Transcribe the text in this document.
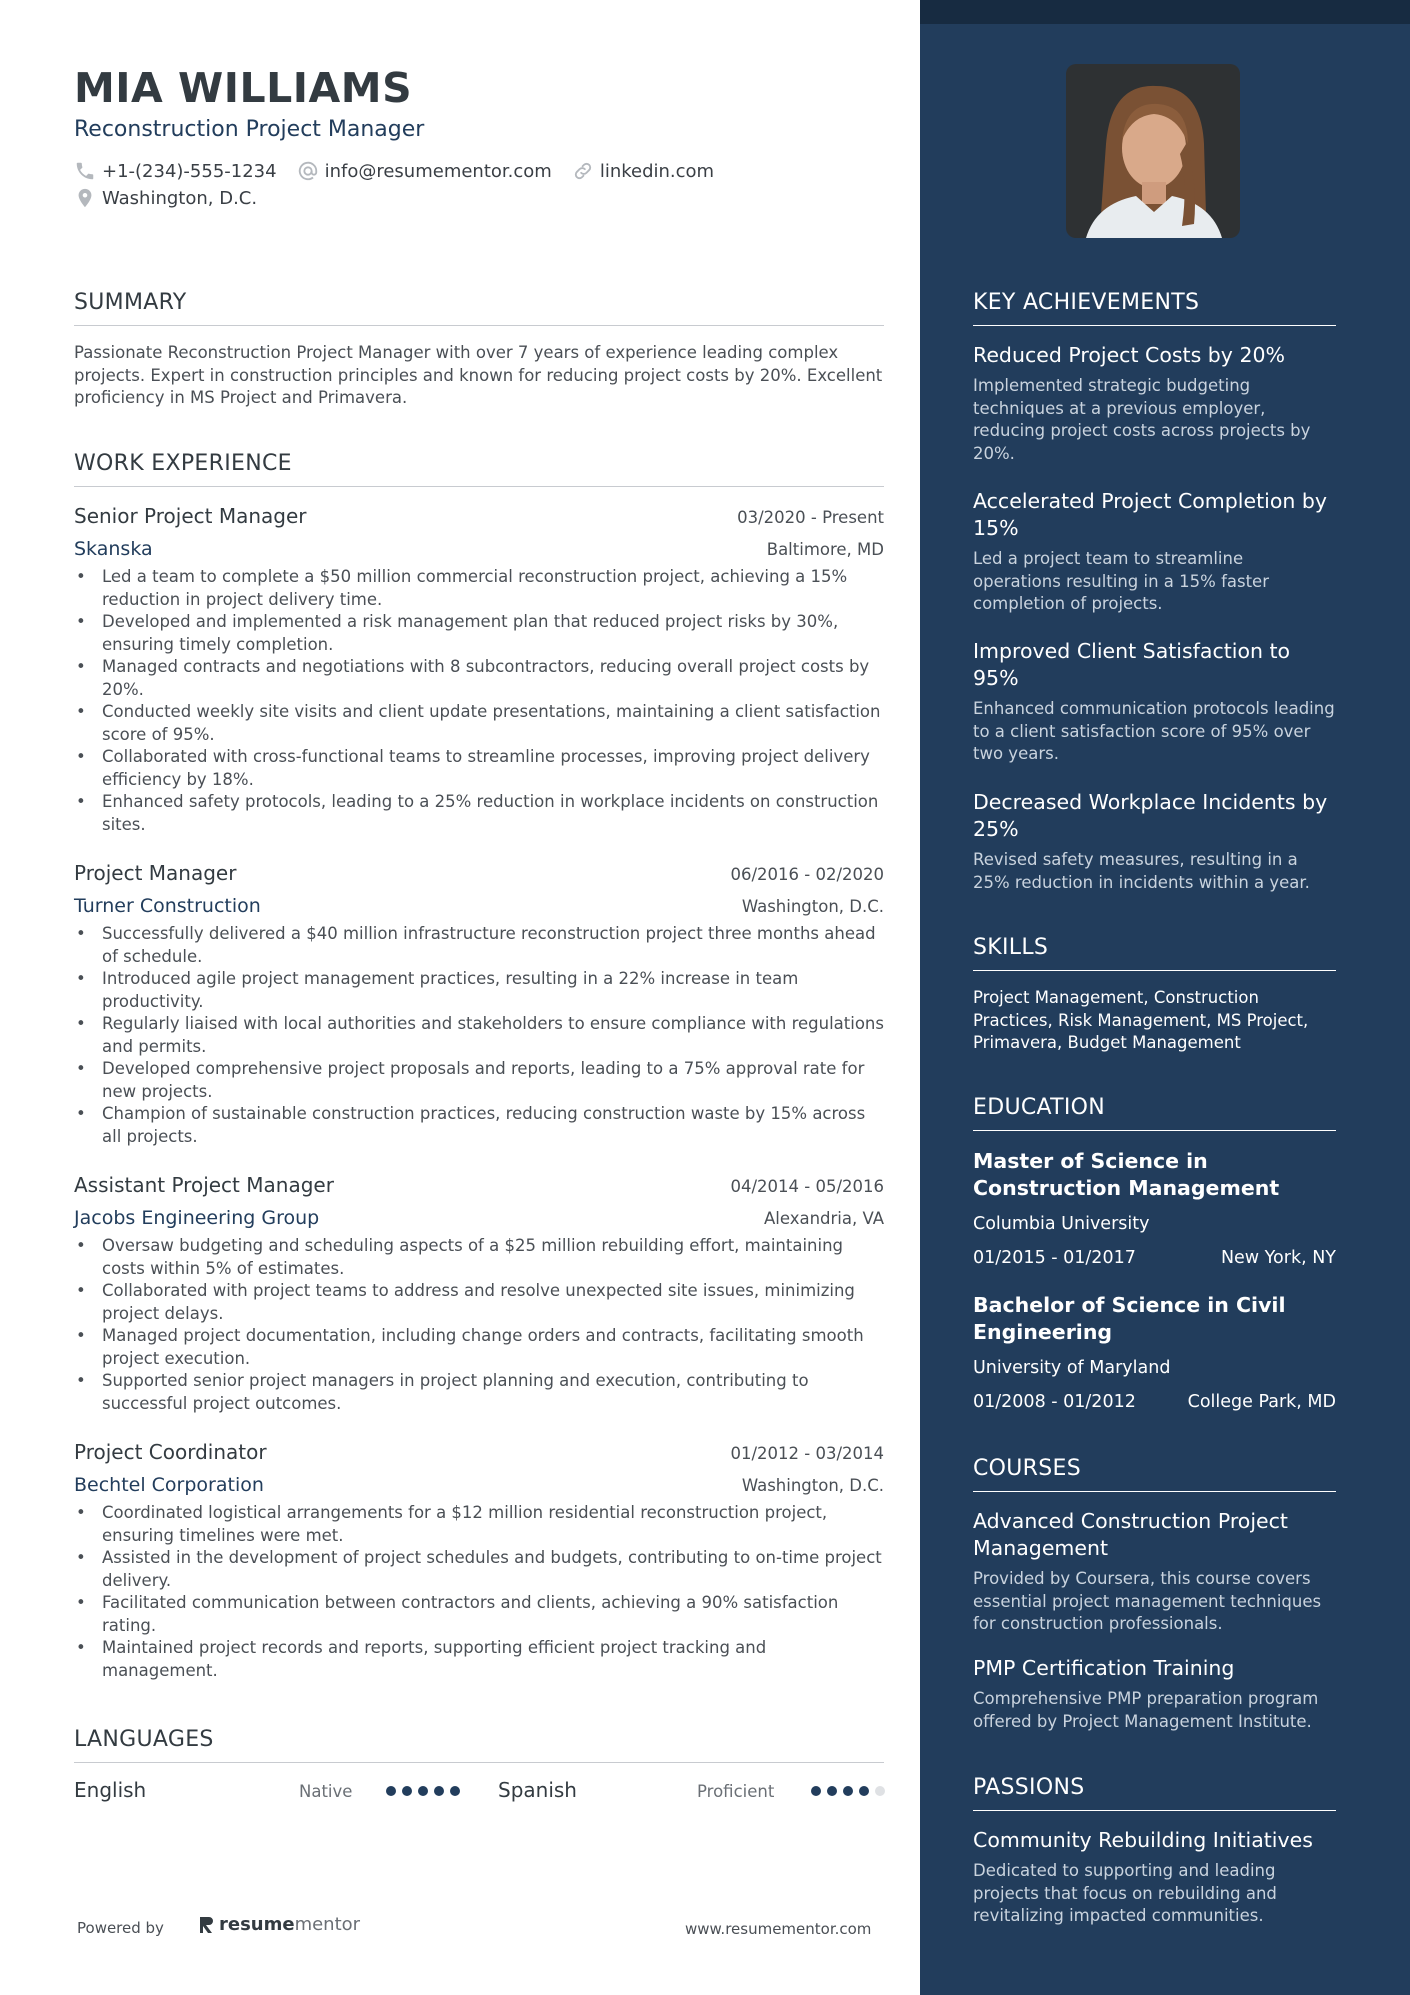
MIA WILLIAMS
Reconstruction Project Manager
+1-(234)-555-1234	info@resumementor.com	linkedin.com
Washington, D.C.
SUMMARY
Passionate Reconstruction Project Manager with over 7 years of experience leading complex projects. Expert in construction principles and known for reducing project costs by 20%. Excellent proficiency in MS Project and Primavera.
WORK EXPERIENCE
Senior Project Manager	03/2020 - Present
Skanska	Baltimore, MD
• Led a team to complete a $50 million commercial reconstruction project, achieving a 15% reduction in project delivery time.
• Developed and implemented a risk management plan that reduced project risks by 30%, ensuring timely completion.
• Managed contracts and negotiations with 8 subcontractors, reducing overall project costs by 20%.
• Conducted weekly site visits and client update presentations, maintaining a client satisfaction score of 95%.
• Collaborated with cross-functional teams to streamline processes, improving project delivery efficiency by 18%.
• Enhanced safety protocols, leading to a 25% reduction in workplace incidents on construction sites.
Project Manager	06/2016 - 02/2020
Turner Construction	Washington, D.C.
• Successfully delivered a $40 million infrastructure reconstruction project three months ahead of schedule.
• Introduced agile project management practices, resulting in a 22% increase in team productivity.
• Regularly liaised with local authorities and stakeholders to ensure compliance with regulations and permits.
• Developed comprehensive project proposals and reports, leading to a 75% approval rate for new projects.
• Champion of sustainable construction practices, reducing construction waste by 15% across all projects.
Assistant Project Manager	04/2014 - 05/2016
Jacobs Engineering Group	Alexandria, VA
• Oversaw budgeting and scheduling aspects of a $25 million rebuilding effort, maintaining costs within 5% of estimates.
• Collaborated with project teams to address and resolve unexpected site issues, minimizing project delays.
• Managed project documentation, including change orders and contracts, facilitating smooth project execution.
• Supported senior project managers in project planning and execution, contributing to successful project outcomes.
Project Coordinator	01/2012 - 03/2014
Bechtel Corporation	Washington, D.C.
• Coordinated logistical arrangements for a $12 million residential reconstruction project, ensuring timelines were met.
• Assisted in the development of project schedules and budgets, contributing to on-time project delivery.
• Facilitated communication between contractors and clients, achieving a 90% satisfaction rating.
• Maintained project records and reports, supporting efficient project tracking and management.
LANGUAGES
English	Native	Spanish	Proficient
Powered by	resume mentor	www.resumementor.com
KEY ACHIEVEMENTS
Reduced Project Costs by 20%
Implemented strategic budgeting techniques at a previous employer, reducing project costs across projects by 20%.
Accelerated Project Completion by 15%
Led a project team to streamline operations resulting in a 15% faster completion of projects.
Improved Client Satisfaction to 95%
Enhanced communication protocols leading to a client satisfaction score of 95% over two years.
Decreased Workplace Incidents by 25%
Revised safety measures, resulting in a 25% reduction in incidents within a year.
SKILLS
Project Management, Construction Practices, Risk Management, MS Project, Primavera, Budget Management
EDUCATION
Master of Science in Construction Management
Columbia University
01/2015 - 01/2017	New York, NY
Bachelor of Science in Civil Engineering
University of Maryland
01/2008 - 01/2012	College Park, MD
COURSES
Advanced Construction Project Management
Provided by Coursera, this course covers essential project management techniques for construction professionals.
PMP Certification Training
Comprehensive PMP preparation program offered by Project Management Institute.
PASSIONS
Community Rebuilding Initiatives
Dedicated to supporting and leading projects that focus on rebuilding and revitalizing impacted communities.
